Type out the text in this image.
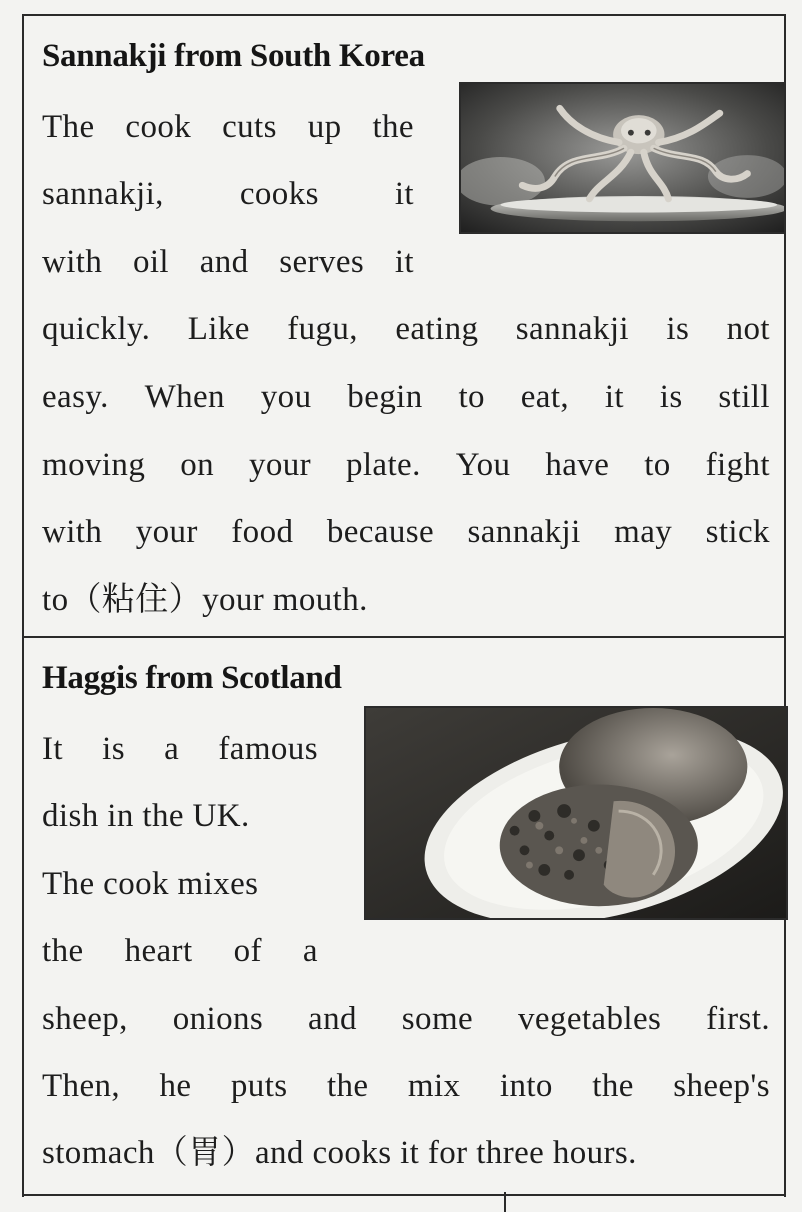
Sannakji from South Korea
The cook cuts up the
sannakji, cooks it
with oil and serves it
quickly. Like fugu, eating sannakji is not
easy. When you begin to eat, it is still
moving on your plate. You have to fight
with your food because sannakji may stick
to（粘住）your mouth.
Haggis from Scotland
It is a famous
dish in the UK.
The cook mixes
the heart of a
sheep, onions and some vegetables first.
Then, he puts the mix into the sheep's
stomach（胃）and cooks it for three hours.
